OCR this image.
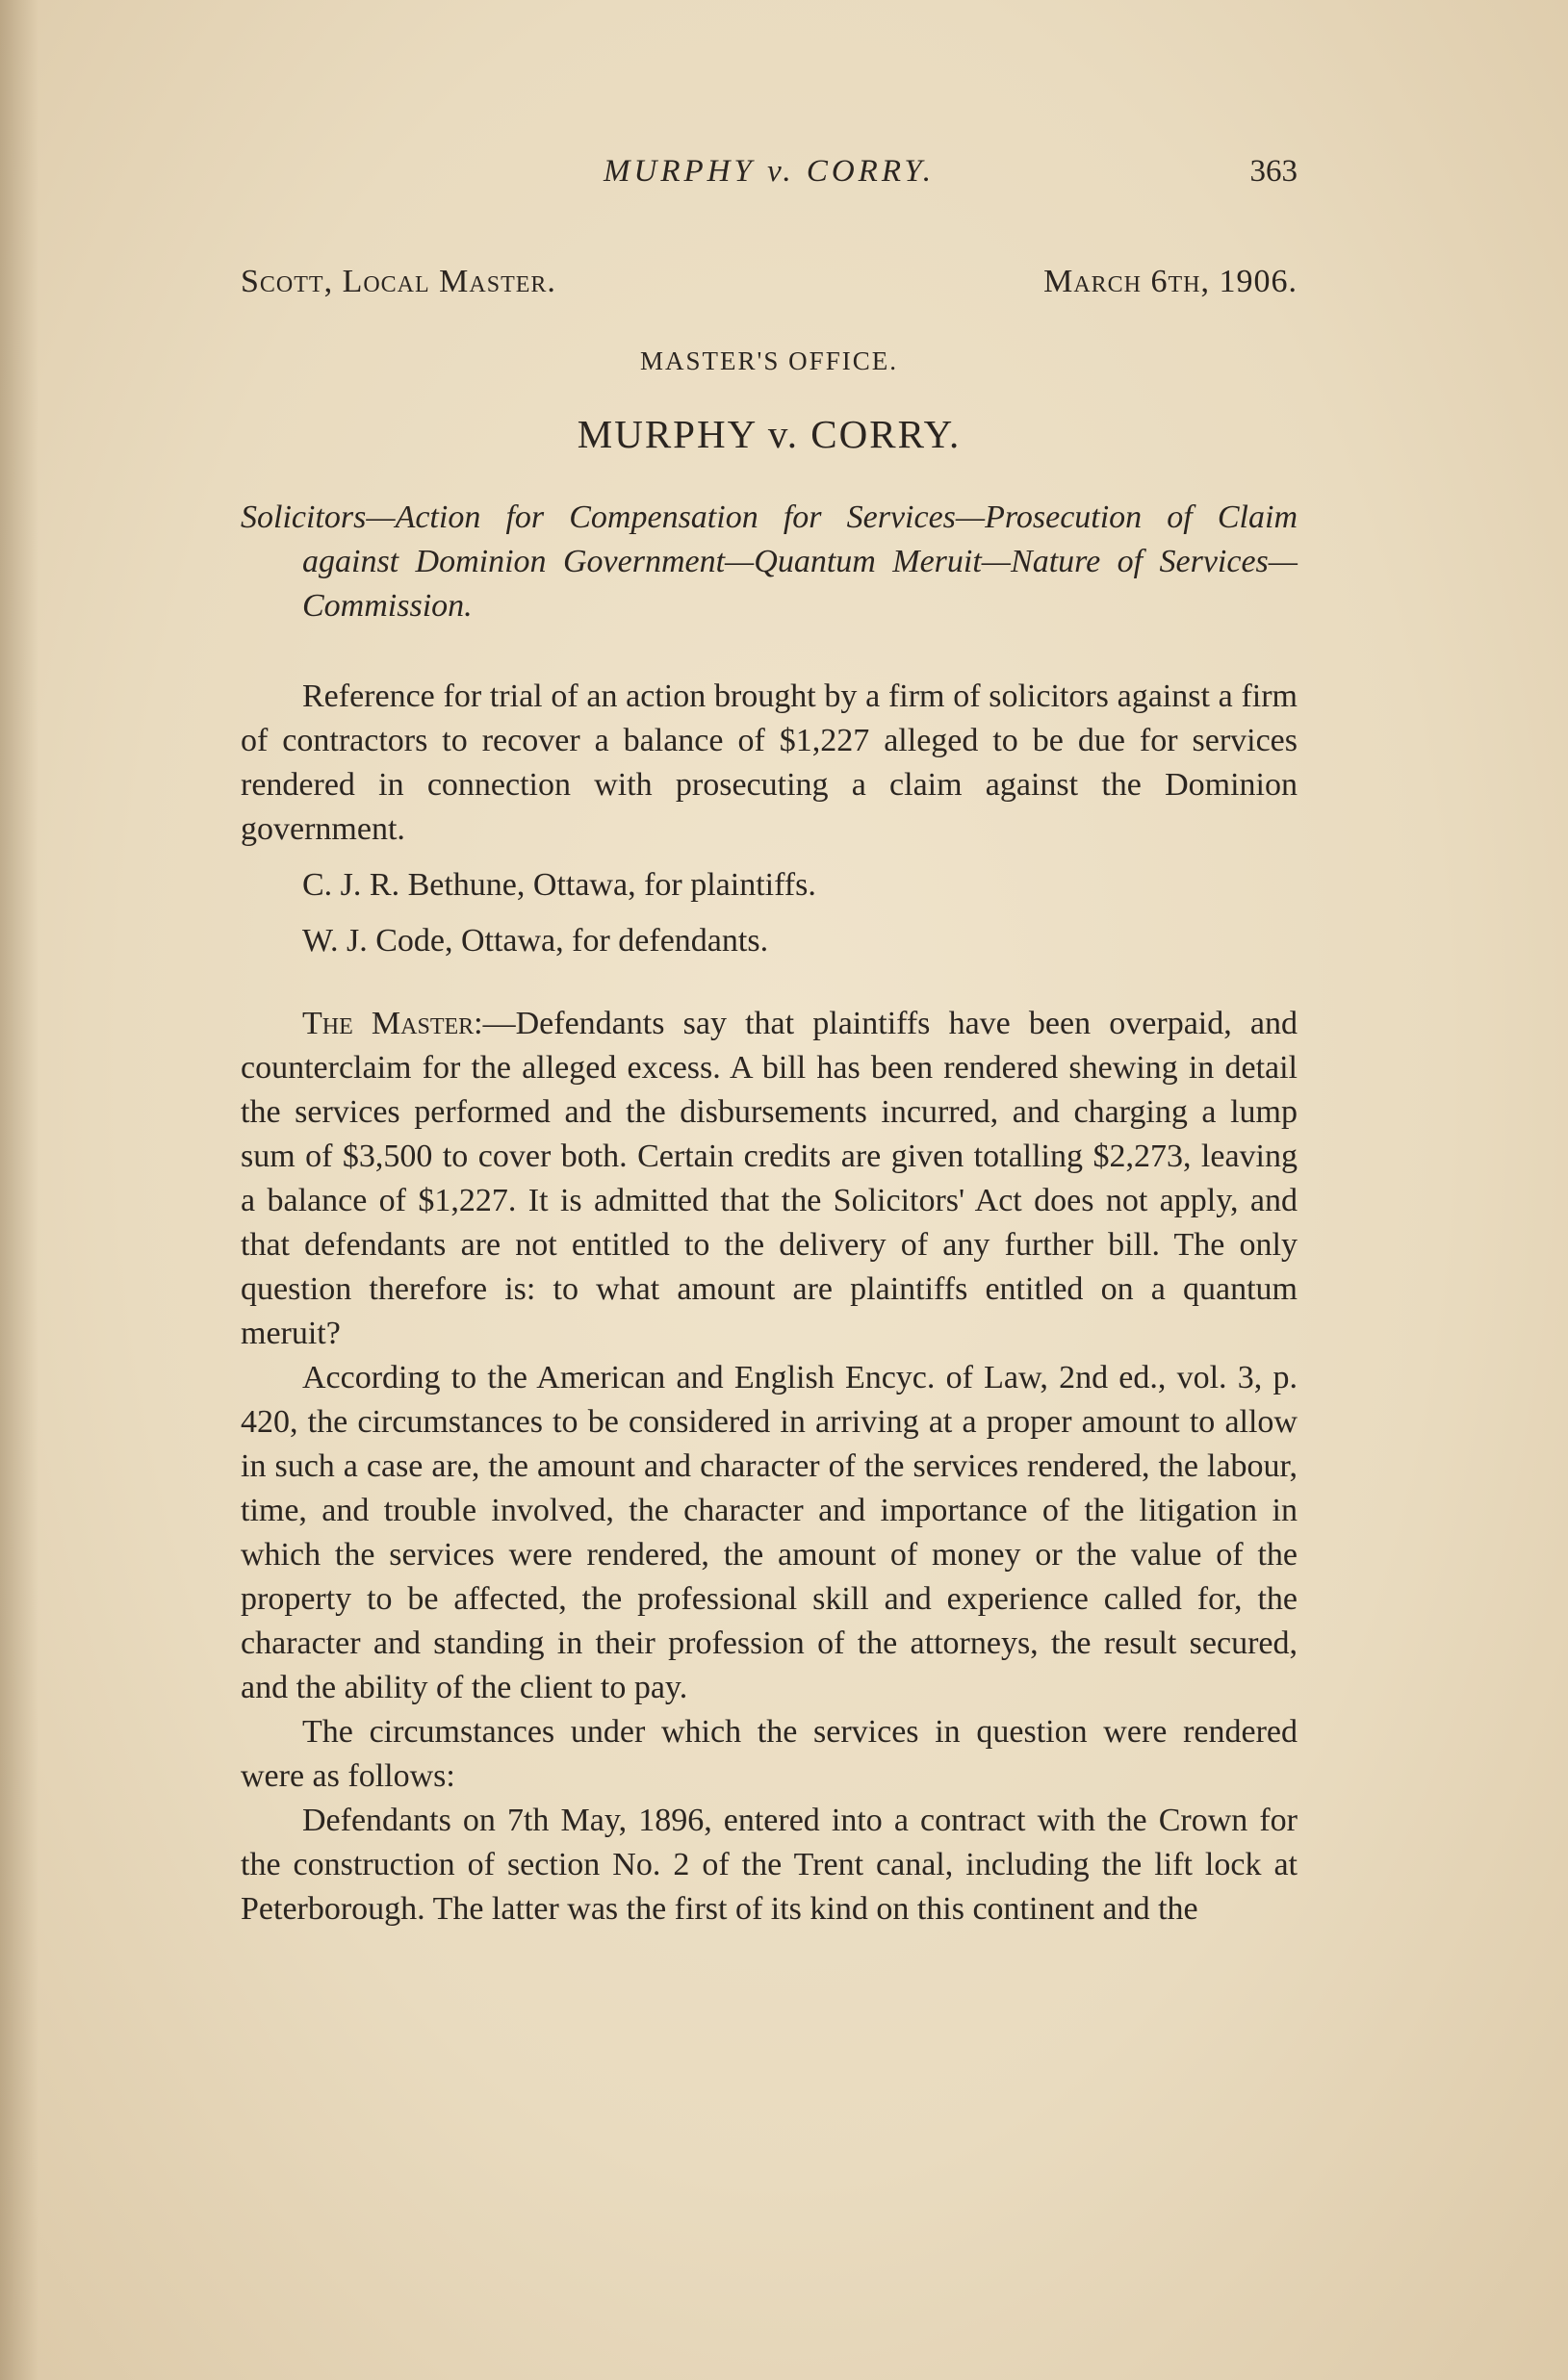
MURPHY v. CORRY.	363
Scott, Local Master.	March 6th, 1906.
MASTER'S OFFICE.
MURPHY v. CORRY.
Solicitors—Action for Compensation for Services—Prosecution of Claim against Dominion Government—Quantum Meruit—Nature of Services—Commission.

Reference for trial of an action brought by a firm of solicitors against a firm of contractors to recover a balance of $1,227 alleged to be due for services rendered in connection with prosecuting a claim against the Dominion government.

C. J. R. Bethune, Ottawa, for plaintiffs.

W. J. Code, Ottawa, for defendants.

The Master:—Defendants say that plaintiffs have been overpaid, and counterclaim for the alleged excess. A bill has been rendered shewing in detail the services performed and the disbursements incurred, and charging a lump sum of $3,500 to cover both. Certain credits are given totalling $2,273, leaving a balance of $1,227. It is admitted that the Solicitors' Act does not apply, and that defendants are not entitled to the delivery of any further bill. The only question therefore is: to what amount are plaintiffs entitled on a quantum meruit?

According to the American and English Encyc. of Law, 2nd ed., vol. 3, p. 420, the circumstances to be considered in arriving at a proper amount to allow in such a case are, the amount and character of the services rendered, the labour, time, and trouble involved, the character and importance of the litigation in which the services were rendered, the amount of money or the value of the property to be affected, the professional skill and experience called for, the character and standing in their profession of the attorneys, the result secured, and the ability of the client to pay.

The circumstances under which the services in question were rendered were as follows:

Defendants on 7th May, 1896, entered into a contract with the Crown for the construction of section No. 2 of the Trent canal, including the lift lock at Peterborough. The latter was the first of its kind on this continent and the
